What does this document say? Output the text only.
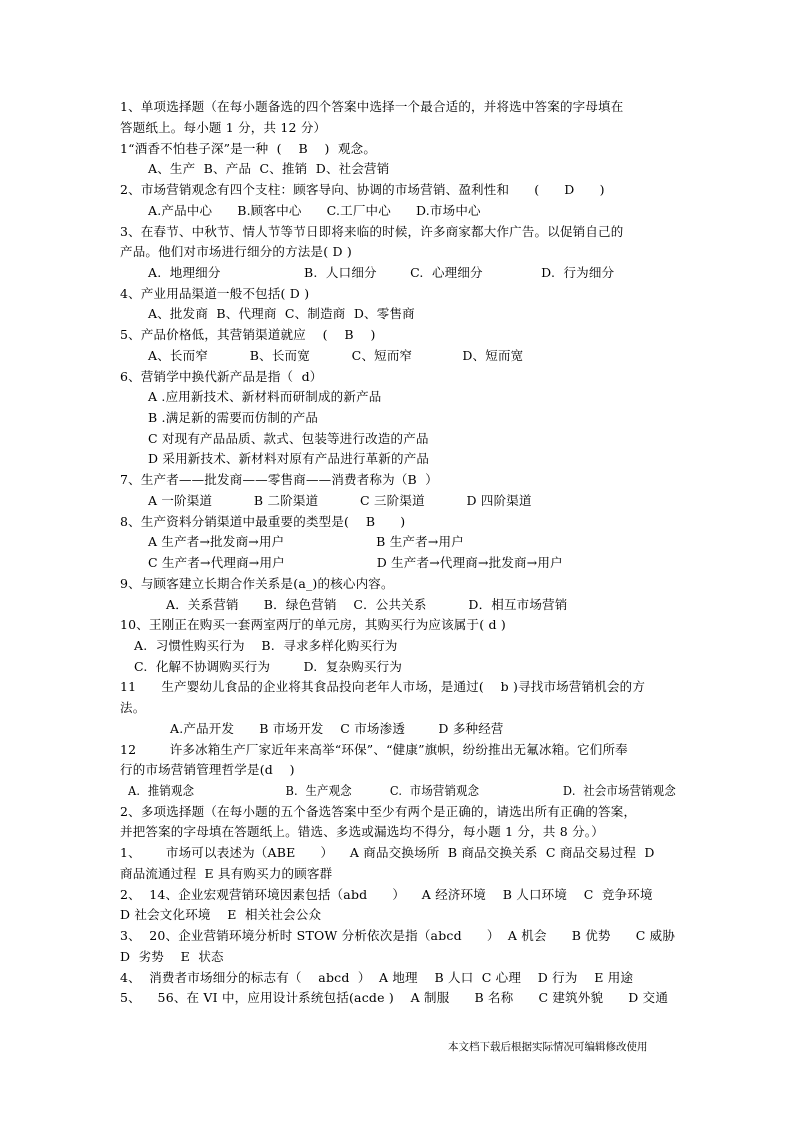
1、单项选择题（在每小题备选的四个答案中选择一个最合适的，并将选中答案的字母填在
答题纸上。每小题 1 分，共 12 分）
1“酒香不怕巷子深”是一种  (    B    )  观念。
A、生产  B、产品  C、推销  D、社会营销
2、市场营销观念有四个支柱：顾客导向、协调的市场营销、盈利性和      (      D      )
A.产品中心      B.顾客中心      C.工厂中心      D.市场中心
3、在春节、中秋节、情人节等节日即将来临的时候，许多商家都大作广告。以促销自己的
产品。他们对市场进行细分的方法是( D )
A.  地理细分                    B.  人口细分        C.  心理细分              D.  行为细分
4、产业用品渠道一般不包括( D )
A、批发商  B、代理商  C、制造商  D、零售商
5、产品价格低，其营销渠道就应    (    B    )
A、长而窄          B、长而宽          C、短而窄            D、短而宽
6、营销学中换代新产品是指（  d）
A .应用新技术、新材料而研制成的新产品
B .满足新的需要而仿制的产品
C 对现有产品品质、款式、包装等进行改造的产品
D 采用新技术、新材料对原有产品进行革新的产品
7、生产者——批发商——零售商——消费者称为（B  ）
A 一阶渠道          B 二阶渠道          C 三阶渠道          D 四阶渠道
8、生产资料分销渠道中最重要的类型是(    B      )
A 生产者→批发商→用户                      B 生产者→用户
C 生产者→代理商→用户                      D 生产者→代理商→批发商→用户
9、与顾客建立长期合作关系是(a_)的核心内容。
A．关系营销      B．绿色营销    C．公共关系          D．相互市场营销
10、王刚正在购买一套两室两厅的单元房，其购买行为应该属于( d )
A.  习惯性购买行为    B.  寻求多样化购买行为
C.  化解不协调购买行为        D.  复杂购买行为
11      生产婴幼儿食品的企业将其食品投向老年人市场，是通过(    b )寻找市场营销机会的方
法。
A.产品开发      B 市场开发    C 市场渗透        D 多种经营
12        许多冰箱生产厂家近年来高举“环保”、“健康”旗帜，纷纷推出无氟冰箱。它们所奉
行的市场营销管理哲学是(d    )
A.  推销观念                        B.  生产观念          C.  市场营销观念                      D.  社会市场营销观念
2、多项选择题（在每小题的五个备选答案中至少有两个是正确的，请选出所有正确的答案，
并把答案的字母填在答题纸上。错选、多选或漏选均不得分，每小题 1 分，共 8 分。）
1、      市场可以表述为（ABE      ）    A 商品交换场所  B 商品交换关系  C 商品交易过程  D
商品流通过程  E 具有购买力的顾客群
2、  14、企业宏观营销环境因素包括（abd      ）    A 经济环境    B 人口环境    C  竞争环境
D 社会文化环境    E  相关社会公众
3、  20、企业营销环境分析时 STOW 分析依次是指（abcd      ）  A 机会      B 优势      C 威胁
D  劣势    E  状态
4、  消费者市场细分的标志有（    abcd  ）  A 地理    B 人口  C 心理    D 行为    E 用途
5、    56、在 VI 中，应用设计系统包括(acde )    A 制服      B 名称      C 建筑外貌      D 交通
本文档下载后根据实际情况可编辑修改使用
